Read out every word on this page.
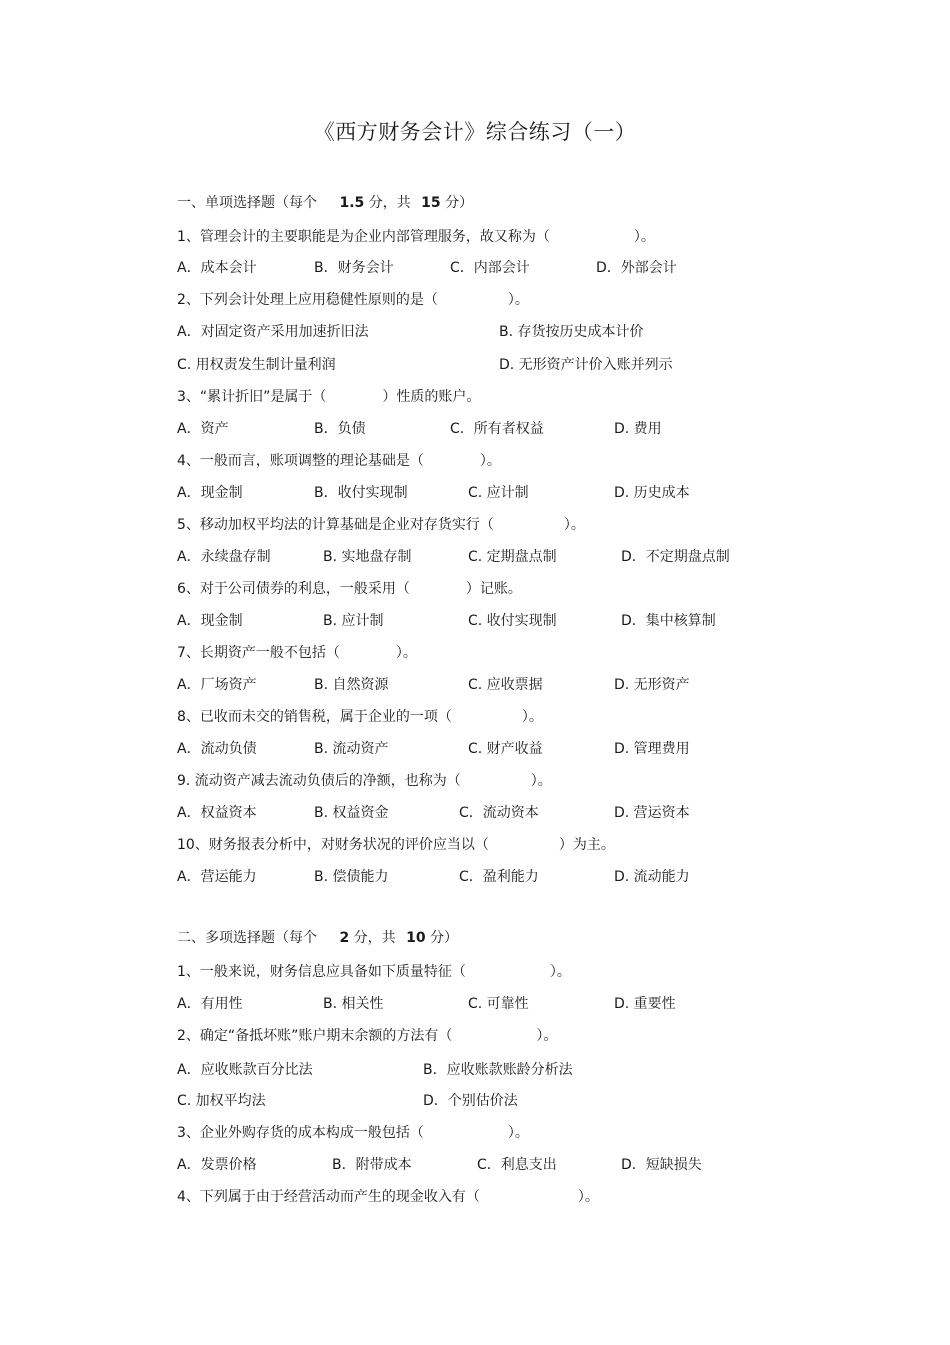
《西方财务会计》综合练习（一）
一、单项选择题（每个 1.5 分，共 15 分）
1、管理会计的主要职能是为企业内部管理服务，故又称为（　　　　　　）。
A．成本会计	B．财务会计	C．内部会计	D．外部会计
2、下列会计处理上应用稳健性原则的是（　　　　　）。
A．对固定资产采用加速折旧法	B. 存货按历史成本计价
C. 用权责发生制计量利润	D. 无形资产计价入账并列示
3、“累计折旧”是属于（　　　　）性质的账户。
A．资产	B．负债	C．所有者权益	D. 费用
4、一般而言，账项调整的理论基础是（　　　　）。
A．现金制	B．收付实现制	C. 应计制	D. 历史成本
5、移动加权平均法的计算基础是企业对存货实行（　　　　　）。
A．永续盘存制	B. 实地盘存制	C. 定期盘点制	D．不定期盘点制
6、对于公司债券的利息，一般采用（　　　　）记账。
A．现金制	B. 应计制	C. 收付实现制	D．集中核算制
7、长期资产一般不包括（　　　　）。
A．厂场资产	B. 自然资源	C. 应收票据	D. 无形资产
8、已收而未交的销售税，属于企业的一项（　　　　　）。
A．流动负债	B. 流动资产	C. 财产收益	D. 管理费用
9. 流动资产减去流动负债后的净额，也称为（　　　　　）。
A．权益资本	B. 权益资金	C．流动资本	D. 营运资本
10、财务报表分析中，对财务状况的评价应当以（　　　　　）为主。
A．营运能力	B. 偿债能力	C．盈利能力	D. 流动能力
二、多项选择题（每个 2 分，共 10 分）
1、一般来说，财务信息应具备如下质量特征（　　　　　　）。
A．有用性	B. 相关性	C. 可靠性	D. 重要性
2、确定“备抵坏账”账户期末余额的方法有（　　　　　　）。
A．应收账款百分比法	B．应收账款账龄分析法
C. 加权平均法	D．个别估价法
3、企业外购存货的成本构成一般包括（　　　　　　）。
A．发票价格	B．附带成本	C．利息支出	D．短缺损失
4、下列属于由于经营活动而产生的现金收入有（　　　　　　　）。
